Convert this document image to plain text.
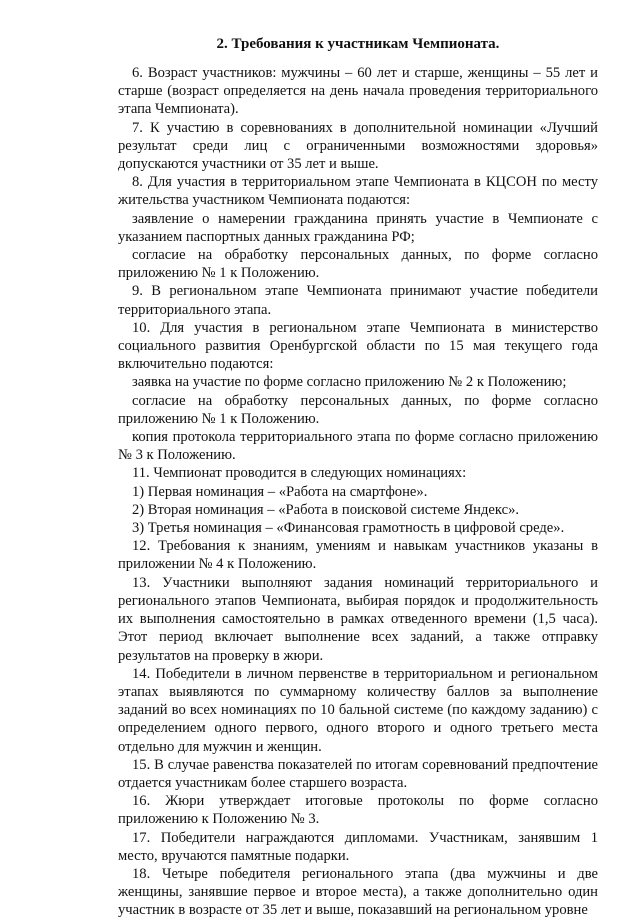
2. Требования к участникам Чемпионата.

6. Возраст участников: мужчины – 60 лет и старше, женщины – 55 лет и старше (возраст определяется на день начала проведения территориального этапа Чемпионата).

7. К участию в соревнованиях в дополнительной номинации «Лучший результат среди лиц с ограниченными возможностями здоровья» допускаются участники от 35 лет и выше.

8. Для участия в территориальном этапе Чемпионата в КЦСОН по месту жительства участником Чемпионата подаются:

заявление о намерении гражданина принять участие в Чемпионате с указанием паспортных данных гражданина РФ;

согласие на обработку персональных данных, по форме согласно приложению № 1 к Положению.

9. В региональном этапе Чемпионата принимают участие победители территориального этапа.

10. Для участия в региональном этапе Чемпионата в министерство социального развития Оренбургской области по 15 мая текущего года включительно подаются:

заявка на участие по форме согласно приложению № 2 к Положению;

согласие на обработку персональных данных, по форме согласно приложению № 1 к Положению.

копия протокола территориального этапа по форме согласно приложению № 3 к Положению.

11. Чемпионат проводится в следующих номинациях:

1) Первая номинация – «Работа на смартфоне».

2) Вторая номинация – «Работа в поисковой системе Яндекс».

3) Третья номинация – «Финансовая грамотность в цифровой среде».

12. Требования к знаниям, умениям и навыкам участников указаны в приложении № 4 к Положению.

13. Участники выполняют задания номинаций территориального и регионального этапов Чемпионата, выбирая порядок и продолжительность их выполнения самостоятельно в рамках отведенного времени (1,5 часа). Этот период включает выполнение всех заданий, а также отправку результатов на проверку в жюри.

14. Победители в личном первенстве в территориальном и региональном этапах выявляются по суммарному количеству баллов за выполнение заданий во всех номинациях по 10 бальной системе (по каждому заданию) с определением одного первого, одного второго и одного третьего места отдельно для мужчин и женщин.

15. В случае равенства показателей по итогам соревнований предпочтение отдается участникам более старшего возраста.

16. Жюри утверждает итоговые протоколы по форме согласно приложению к Положению № 3.

17. Победители награждаются дипломами. Участникам, занявшим 1 место, вручаются памятные подарки.

18. Четыре победителя регионального этапа (два мужчины и две женщины, занявшие первое и второе места), а также дополнительно один участник в возрасте от 35 лет и выше, показавший на региональном уровне
